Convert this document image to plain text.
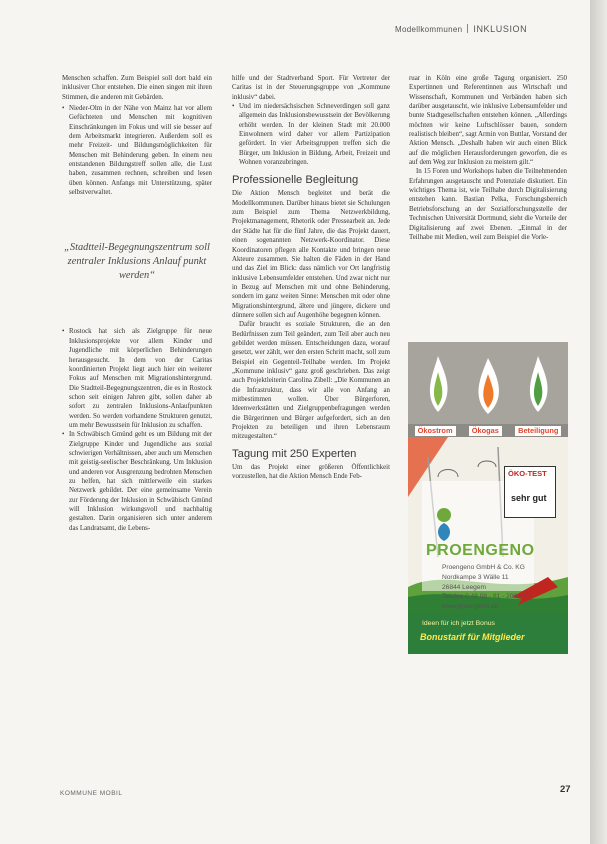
Modellkommunen INKLUSION

Menschen schaffen. Zum Beispiel soll dort bald ein inklusiver Chor entstehen. Die einen singen mit ihren Stimmen, die anderen mit Gebärden.

• Nieder-Olm in der Nähe von Mainz hat vor allem Gefüchteten und Menschen mit kognitiven Einschränkungen im Fokus und will sie besser auf dem Arbeitsmarkt integrieren. Außerdem soll es mehr Freizeit- und Bildungsmöglichkeiten für Menschen mit Behinderung geben. In einem neu entstandenen Bildungstreff sollen alle, die Lust haben, zusammen rechnen, schreiben und lesen üben können. Anfangs mit Unterstützung, später selbstverwaltet.

„Stadtteil-Begegnungszentrum soll zentraler Inklusions Anlauf punkt werden“

• Rostock hat sich als Zielgruppe für neue Inklusionsprojekte vor allem Kinder und Jugendliche mit körperlichen Behinderungen herausgesucht. In dem von der Caritas koordinierten Projekt liegt auch hier ein weiterer Fokus auf Menschen mit Migrationshintergrund. Die Stadtteil-Begegnungszentren, die es in Rostock schon seit einigen Jahren gibt, sollen daher ab sofort zu zentralen Inklusions-Anlaufpunkten werden. So werden vorhandene Strukturen genutzt, um mehr Bewusstsein für Inklusion zu schaffen.

• In Schwäbisch Gmünd geht es um Bildung mit der Zielgruppe Kinder und Jugendliche aus sozial schwierigen Verhältnissen, aber auch um Menschen mit geistig-seelischer Beschränkung. Um Inklusion und anderen vor Ausgrenzung bedrohten Menschen zu helfen, hat sich mittlerweile ein starkes Netzwerk gebildet. Der eine gemeinsame Verein zur Förderung der Inklusion in Schwäbisch Gmünd will Inklusion wirkungsvoll und nachhaltig gestalten. Darin organisieren sich unter anderem das Landratsamt, die Lebens-

hilfe und der Stadtverband Sport. Für Vertreter der Caritas ist in der Steuerungsgruppe von „Kommune inklusiv“ dabei.

• Und im niedersächsischen Schneverdingen soll ganz allgemein das Inklusionsbewusstsein der Bevölkerung erhöht werden. In der kleinen Stadt mit 20.000 Einwohnern wird daher vor allem Partizipation gefördert. In vier Arbeitsgruppen treffen sich die Bürger, um Inklusion in Bildung, Arbeit, Freizeit und Wohnen voranzubringen.

Professionelle Begleitung

Die Aktion Mensch begleitet und berät die Modellkommunen. Darüber hinaus bietet sie Schulungen zum Beispiel zum Thema Netzwerkbildung, Projektmanagement, Rhetorik oder Pressearbeit an. Jede der Städte hat für die fünf Jahre, die das Projekt dauert, einen sogenannten Netzwerk-Koordinator. Diese Koordinatoren pflegen alle Kontakte und bringen neue Akteure zusammen. Sie halten die Fäden in der Hand und das Ziel im Blick: dass nämlich vor Ort langfristig inklusive Lebensumfelder entstehen. Und zwar nicht nur in Bezug auf Menschen mit und ohne Behinderung, sondern im ganz weiten Sinne: Menschen mit oder ohne Migrationshintergrund, ältere und jüngere, dickere und dünnere sollen sich auf Augenhöhe begegnen können.

Dafür braucht es soziale Strukturen, die an den Bedürfnissen zum Teil geändert, zum Teil aber auch neu gebildet werden müssen. Entscheidungen dazu, worauf gesetzt, wer zählt, wer den ersten Schritt macht, soll zum Beispiel ein Gegenteil-Teilhabe werden. Im Projekt „Kommune inklusiv“ ganz groß geschrieben. Das zeigt auch Projektleiterin Carolina Zibell: „Die Kommunen an die Infrastruktur, dass wir alle von Anfang an mitbestimmen wollen. Über Bürgerforen, Ideenwerkstätten und Zielgruppenbefragungen werden die Bürgerinnen und Bürger aufgefordert, sich an den Projekten zu beteiligen und ihren Lebensraum mitzugestalten.“

Tagung mit 250 Experten

Um das Projekt einer größeren Öffentlichkeit vorzustellen, hat die Aktion Mensch Ende Feb-

ruar in Köln eine große Tagung organisiert. 250 Expertinnen und Referentinnen aus Wirtschaft und Wissenschaft, Kommunen und Verbänden haben sich darüber ausgetauscht, wie inklusive Lebensumfelder und bunte Stadtgesellschaften entstehen können. „Allerdings möchten wir keine Luftschlösser bauen, sondern realistisch bleiben“, sagt Armin von Buttlar, Vorstand der Aktion Mensch. „Deshalb haben wir auch einen Blick auf die möglichen Herausforderungen geworfen, die es auf dem Weg zur Inklusion zu meistern gilt.“

In 15 Foren und Workshops haben die Teilnehmenden Erfahrungen ausgetauscht und Potenziale diskutiert. Ein wichtiges Thema ist, wie Teilhabe durch Digitalisierung entstehen kann. Bastian Pelka, Forschungsbereich Betriebsforschung an der Sozialforschungsstelle der Technischen Universität Dortmund, sieht die Vorteile der Digitalisierung auf zwei Ebenen. „Einmal in der Teilhabe mit Medien, weil zum Beispiel die Vorle-

Ökostrom	Ökogas	Beteiligung
ÖKO-TEST
sehr gut
PROENGENO
Proengeno GmbH & Co. KG
Nordkampe 3 Wälle 11
26844 Leegem
Telefon 0 48 08 - 81 - 200 - 100
www.proengeno.de
Ideen für ich jetzt Bonus
Bonustarif für Mitglieder
KOMMUNE MOBIL	27
